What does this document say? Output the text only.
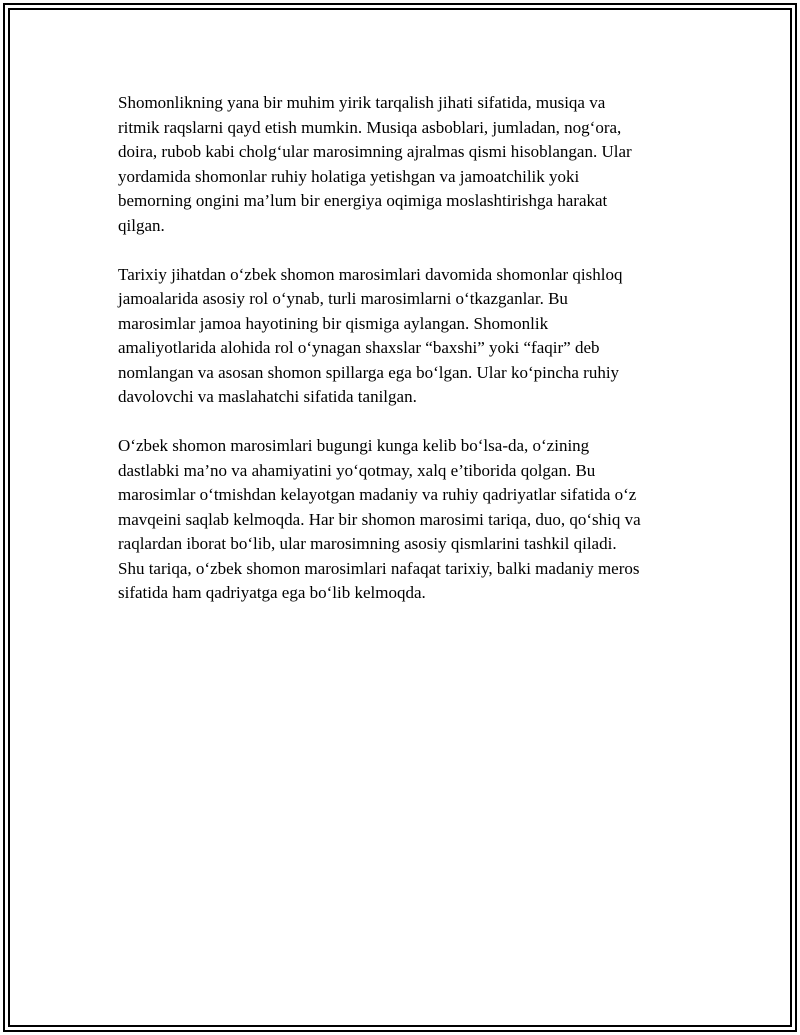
Shomonlikning yana bir muhim yirik tarqalish jihati sifatida, musiqa va
ritmik raqslarni qayd etish mumkin. Musiqa asboblari, jumladan, nog‘ora,
doira, rubob kabi cholg‘ular marosimning ajralmas qismi hisoblangan. Ular
yordamida shomonlar ruhiy holatiga yetishgan va jamoatchilik yoki
bemorning ongini ma’lum bir energiya oqimiga moslashtirishga harakat
qilgan.

Tarixiy jihatdan o‘zbek shomon marosimlari davomida shomonlar qishloq
jamoalarida asosiy rol o‘ynab, turli marosimlarni o‘tkazganlar. Bu
marosimlar jamoa hayotining bir qismiga aylangan. Shomonlik
amaliyotlarida alohida rol o‘ynagan shaxslar “baxshi” yoki “faqir” deb
nomlangan va asosan shomon spillarga ega bo‘lgan. Ular ko‘pincha ruhiy
davolovchi va maslahatchi sifatida tanilgan.

O‘zbek shomon marosimlari bugungi kunga kelib bo‘lsa-da, o‘zining
dastlabki ma’no va ahamiyatini yo‘qotmay, xalq e’tiborida qolgan. Bu
marosimlar o‘tmishdan kelayotgan madaniy va ruhiy qadriyatlar sifatida o‘z
mavqeini saqlab kelmoqda. Har bir shomon marosimi tariqa, duo, qo‘shiq va
raqlardan iborat bo‘lib, ular marosimning asosiy qismlarini tashkil qiladi.
Shu tariqa, o‘zbek shomon marosimlari nafaqat tarixiy, balki madaniy meros
sifatida ham qadriyatga ega bo‘lib kelmoqda.
